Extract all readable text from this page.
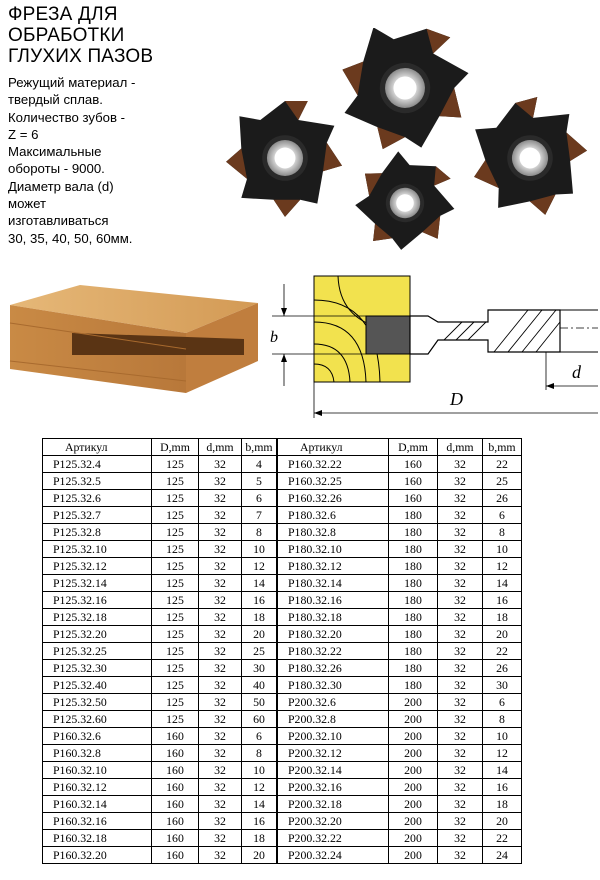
ФРЕЗА ДЛЯ
ОБРАБОТКИ
ГЛУХИХ ПАЗОВ
Режущий материал -
твердый сплав.
Количество зубов -
Z = 6
Максимальные
обороты - 9000.
Диаметр вала (d)
может
изготавливаться
30, 35, 40, 50, 60мм.
b
D
d
Артикул	D,mm	d,mm	b,mm	Артикул	D,mm	d,mm	b,mm
P125.32.4	125	32	4	P160.32.22	160	32	22
P125.32.5	125	32	5	P160.32.25	160	32	25
P125.32.6	125	32	6	P160.32.26	160	32	26
P125.32.7	125	32	7	P180.32.6	180	32	6
P125.32.8	125	32	8	P180.32.8	180	32	8
P125.32.10	125	32	10	P180.32.10	180	32	10
P125.32.12	125	32	12	P180.32.12	180	32	12
P125.32.14	125	32	14	P180.32.14	180	32	14
P125.32.16	125	32	16	P180.32.16	180	32	16
P125.32.18	125	32	18	P180.32.18	180	32	18
P125.32.20	125	32	20	P180.32.20	180	32	20
P125.32.25	125	32	25	P180.32.22	180	32	22
P125.32.30	125	32	30	P180.32.26	180	32	26
P125.32.40	125	32	40	P180.32.30	180	32	30
P125.32.50	125	32	50	P200.32.6	200	32	6
P125.32.60	125	32	60	P200.32.8	200	32	8
P160.32.6	160	32	6	P200.32.10	200	32	10
P160.32.8	160	32	8	P200.32.12	200	32	12
P160.32.10	160	32	10	P200.32.14	200	32	14
P160.32.12	160	32	12	P200.32.16	200	32	16
P160.32.14	160	32	14	P200.32.18	200	32	18
P160.32.16	160	32	16	P200.32.20	200	32	20
P160.32.18	160	32	18	P200.32.22	200	32	22
P160.32.20	160	32	20	P200.32.24	200	32	24
